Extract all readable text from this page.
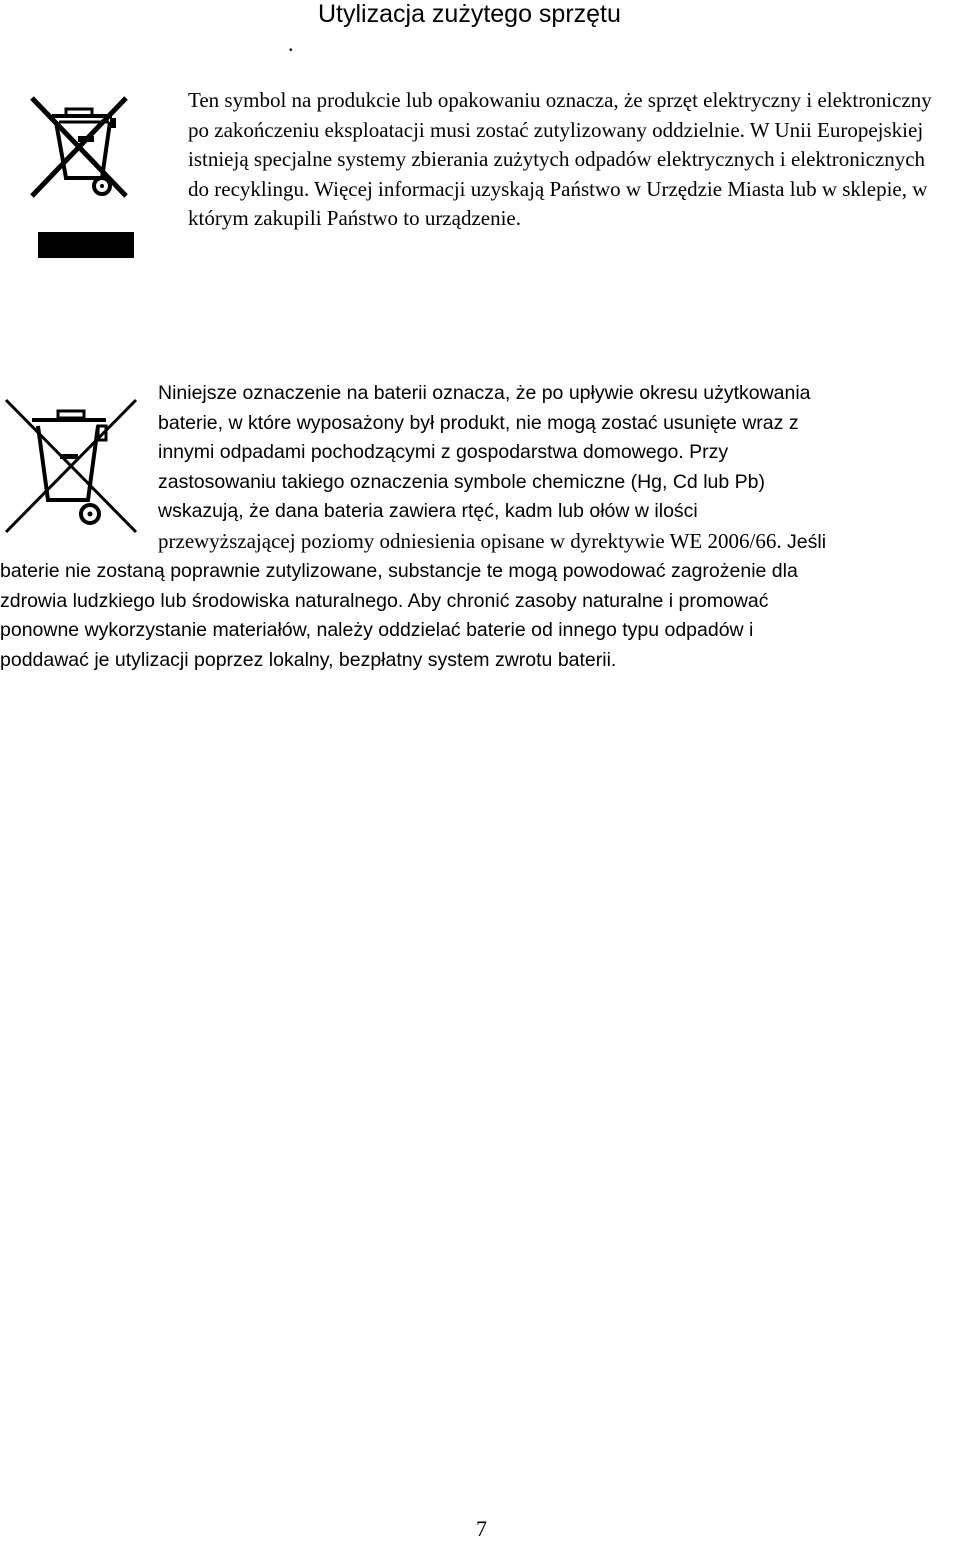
Utylizacja zużytego sprzętu
.
Ten symbol na produkcie lub opakowaniu oznacza, że sprzęt elektryczny i elektroniczny po zakończeniu eksploatacji musi zostać zutylizowany oddzielnie. W Unii Europejskiej istnieją specjalne systemy zbierania zużytych odpadów elektrycznych i elektronicznych do recyklingu. Więcej informacji uzyskają Państwo w Urzędzie Miasta lub w sklepie, w którym zakupili Państwo to urządzenie.

Niniejsze oznaczenie na baterii oznacza, że po upływie okresu użytkowania
baterie, w które wyposażony był produkt, nie mogą zostać usunięte wraz z
innymi odpadami pochodzącymi z gospodarstwa domowego. Przy
zastosowaniu takiego oznaczenia symbole chemiczne (Hg, Cd lub Pb)
wskazują, że dana bateria zawiera rtęć, kadm lub ołów w ilości
przewyższającej poziomy odniesienia opisane w dyrektywie WE 2006/66. Jeśli
baterie nie zostaną poprawnie zutylizowane, substancje te mogą powodować zagrożenie dla
zdrowia ludzkiego lub środowiska naturalnego. Aby chronić zasoby naturalne i promować
ponowne wykorzystanie materiałów, należy oddzielać baterie od innego typu odpadów i
poddawać je utylizacji poprzez lokalny, bezpłatny system zwrotu baterii.

7
